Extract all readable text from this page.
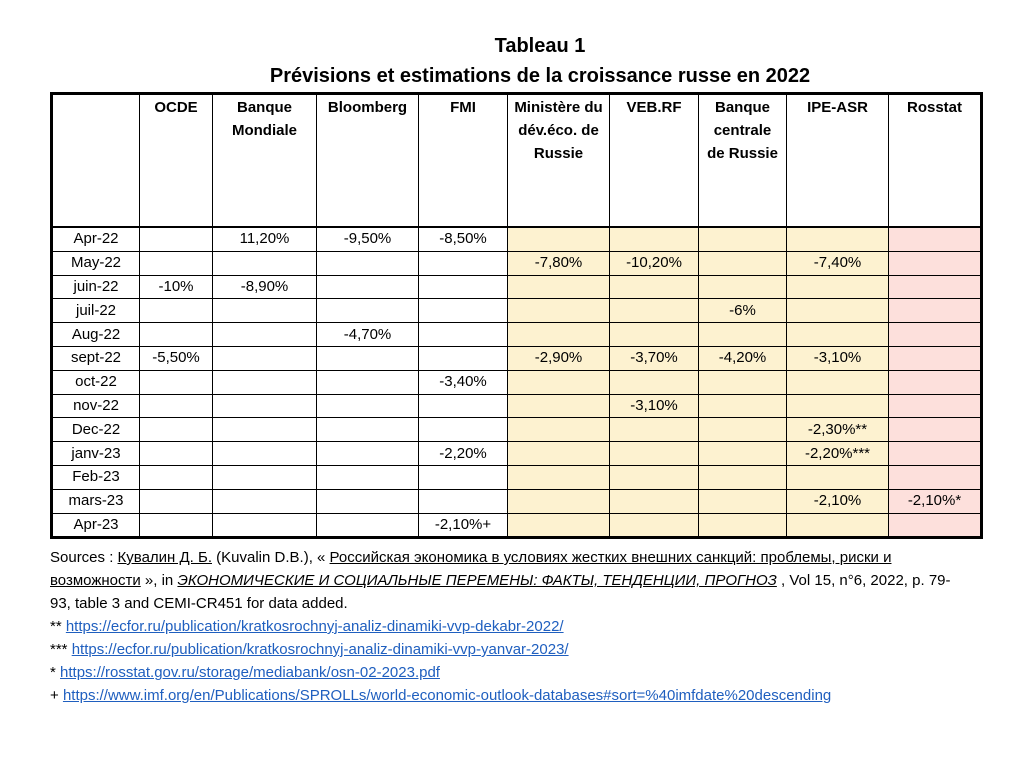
Tableau 1
Prévisions et estimations de la croissance russe en 2022
	OCDE	Banque Mondiale	Bloomberg	FMI	Ministère du dév.éco. de Russie	VEB.RF	Banque centrale de Russie	IPE-ASR	Rosstat
Apr-22		11,20%	-9,50%	-8,50%					
May-22					-7,80%	-10,20%		-7,40%	
juin-22	-10%	-8,90%							
juil-22							-6%		
Aug-22			-4,70%						
sept-22	-5,50%				-2,90%	-3,70%	-4,20%	-3,10%	
oct-22				-3,40%					
nov-22						-3,10%			
Dec-22								-2,30%**	
janv-23				-2,20%				-2,20%***	
Feb-23									
mars-23								-2,10%	-2,10%*
Apr-23				-2,10%+					

Sources : Кувалин Д. Б. (Kuvalin D.B.), « Российская экономика в условиях жестких внешних санкций: проблемы, риски и

возможности », in ЭКОНОМИЧЕСКИЕ И СОЦИАЛЬНЫЕ ПЕРЕМЕНЫ: ФАКТЫ, ТЕНДЕНЦИИ, ПРОГНОЗ , Vol 15, n°6, 2022, p. 79-

93, table 3 and CEMI-CR451 for data added.

** https://ecfor.ru/publication/kratkosrochnyj-analiz-dinamiki-vvp-dekabr-2022/

*** https://ecfor.ru/publication/kratkosrochnyj-analiz-dinamiki-vvp-yanvar-2023/

* https://rosstat.gov.ru/storage/mediabank/osn-02-2023.pdf

+ https://www.imf.org/en/Publications/SPROLLs/world-economic-outlook-databases#sort=%40imfdate%20descending
